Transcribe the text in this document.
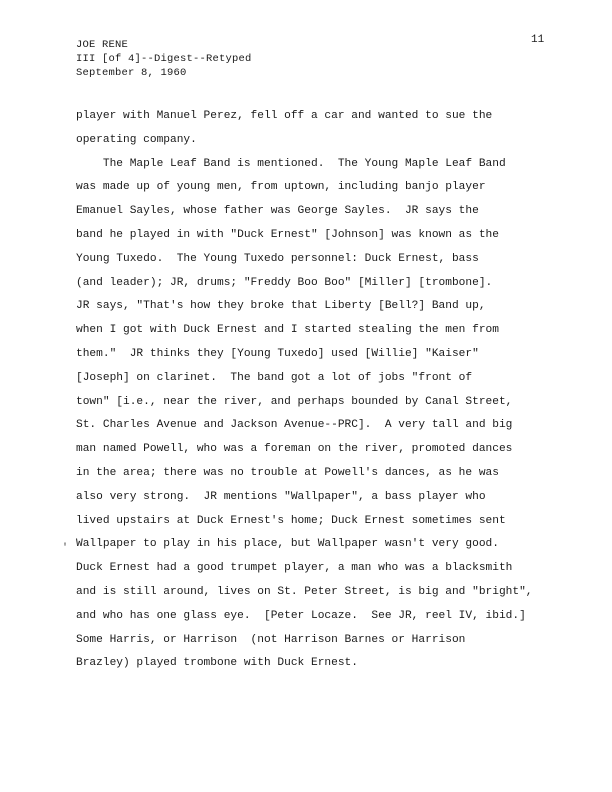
JOE RENE
III [of 4]--Digest--Retyped
September 8, 1960
11
player with Manuel Perez, fell off a car and wanted to sue the
operating company.
The Maple Leaf Band is mentioned.  The Young Maple Leaf Band
was made up of young men, from uptown, including banjo player
Emanuel Sayles, whose father was George Sayles.  JR says the
band he played in with "Duck Ernest" [Johnson] was known as the
Young Tuxedo.  The Young Tuxedo personnel: Duck Ernest, bass
(and leader); JR, drums; "Freddy Boo Boo" [Miller] [trombone].
JR says, "That's how they broke that Liberty [Bell?] Band up,
when I got with Duck Ernest and I started stealing the men from
them."  JR thinks they [Young Tuxedo] used [Willie] "Kaiser"
[Joseph] on clarinet.  The band got a lot of jobs "front of
town" [i.e., near the river, and perhaps bounded by Canal Street,
St. Charles Avenue and Jackson Avenue--PRC].  A very tall and big
man named Powell, who was a foreman on the river, promoted dances
in the area; there was no trouble at Powell's dances, as he was
also very strong.  JR mentions "Wallpaper", a bass player who
lived upstairs at Duck Ernest's home; Duck Ernest sometimes sent
Wallpaper to play in his place, but Wallpaper wasn't very good.
Duck Ernest had a good trumpet player, a man who was a blacksmith
and is still around, lives on St. Peter Street, is big and "bright",
and who has one glass eye.  [Peter Locaze.  See JR, reel IV, ibid.]
Some Harris, or Harrison  (not Harrison Barnes or Harrison
Brazley) played trombone with Duck Ernest.
'
